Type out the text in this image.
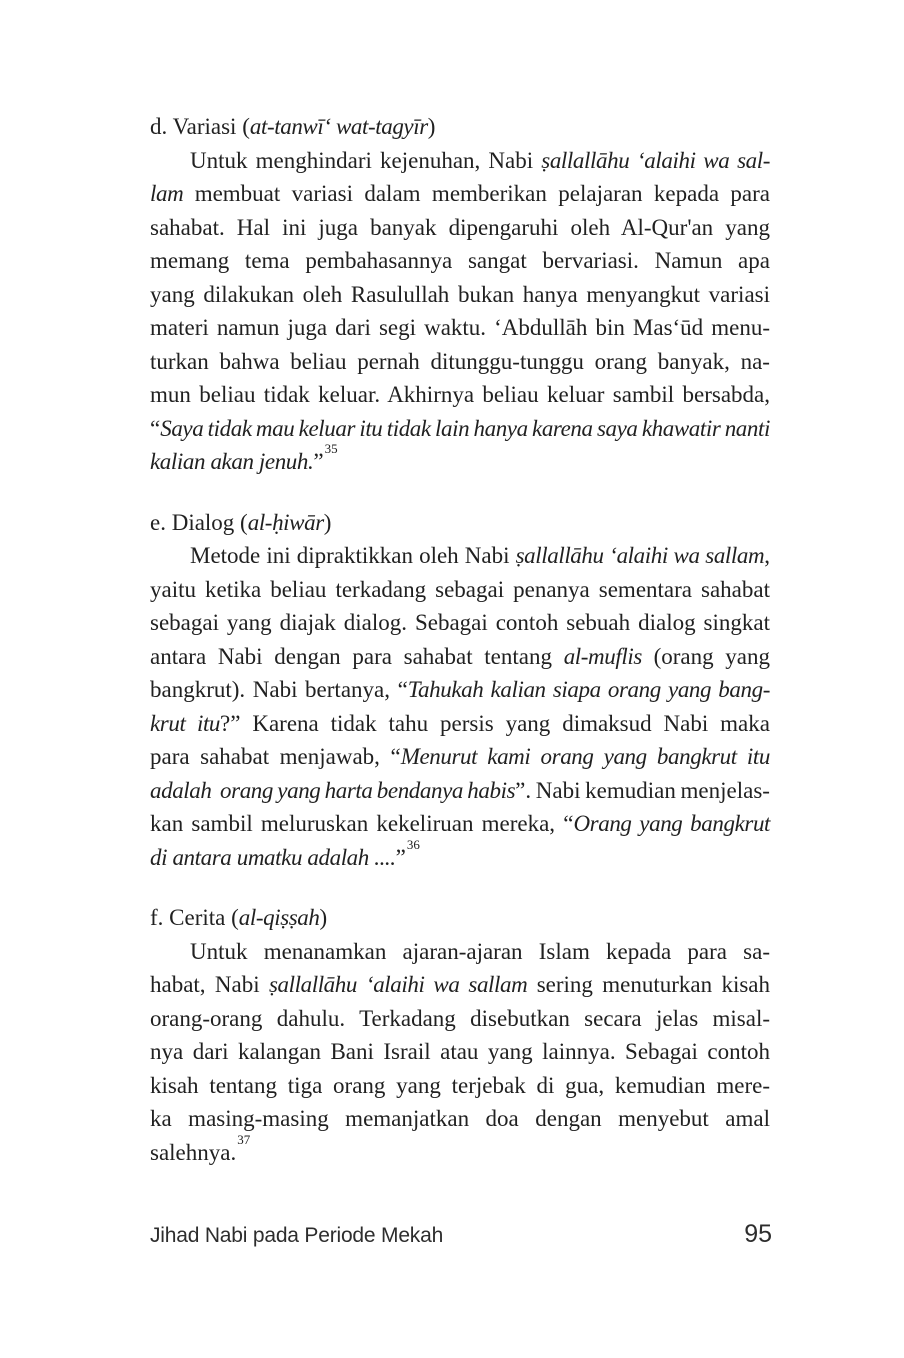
d. Variasi (at-tanwī‘ wat-tagyīr)
Untuk menghindari kejenuhan, Nabi ṣallallāhu ‘alaihi wa sal-
lam membuat variasi dalam memberikan pelajaran kepada para
sahabat. Hal ini juga banyak dipengaruhi oleh Al-Qur'an yang
memang tema pembahasannya sangat bervariasi. Namun apa
yang dilakukan oleh Rasulullah bukan hanya menyangkut variasi
materi namun juga dari segi waktu. ‘Abdullāh bin Mas‘ūd menu-
turkan bahwa beliau pernah ditunggu-tunggu orang banyak, na-
mun beliau tidak keluar. Akhirnya beliau keluar sambil bersabda,
“Saya tidak mau keluar itu tidak lain hanya karena saya khawatir nanti
kalian akan jenuh.”$^{35}$
e. Dialog (al-ḥiwār)
Metode ini dipraktikkan oleh Nabi ṣallallāhu ‘alaihi wa sallam,
yaitu ketika beliau terkadang sebagai penanya sementara sahabat
sebagai yang diajak dialog. Sebagai contoh sebuah dialog singkat
antara Nabi dengan para sahabat tentang al-muflis (orang yang
bangkrut). Nabi bertanya, “Tahukah kalian siapa orang yang bang-
krut itu?” Karena tidak tahu persis yang dimaksud Nabi maka
para sahabat menjawab, “Menurut kami orang yang bangkrut itu
adalah  orang yang harta bendanya habis”. Nabi kemudian menjelas-
kan sambil meluruskan kekeliruan mereka, “Orang yang bangkrut
di antara umatku adalah ....”$^{36}$
f. Cerita (al-qiṣṣah)
Untuk menanamkan ajaran-ajaran Islam kepada para sa-
habat, Nabi ṣallallāhu ‘alaihi wa sallam sering menuturkan kisah
orang-orang dahulu. Terkadang disebutkan secara jelas misal-
nya dari kalangan Bani Israil atau yang lainnya. Sebagai contoh
kisah tentang tiga orang yang terjebak di gua, kemudian mere-
ka masing-masing memanjatkan doa dengan menyebut amal
salehnya.$^{37}$
Jihad Nabi pada Periode Mekah	95
